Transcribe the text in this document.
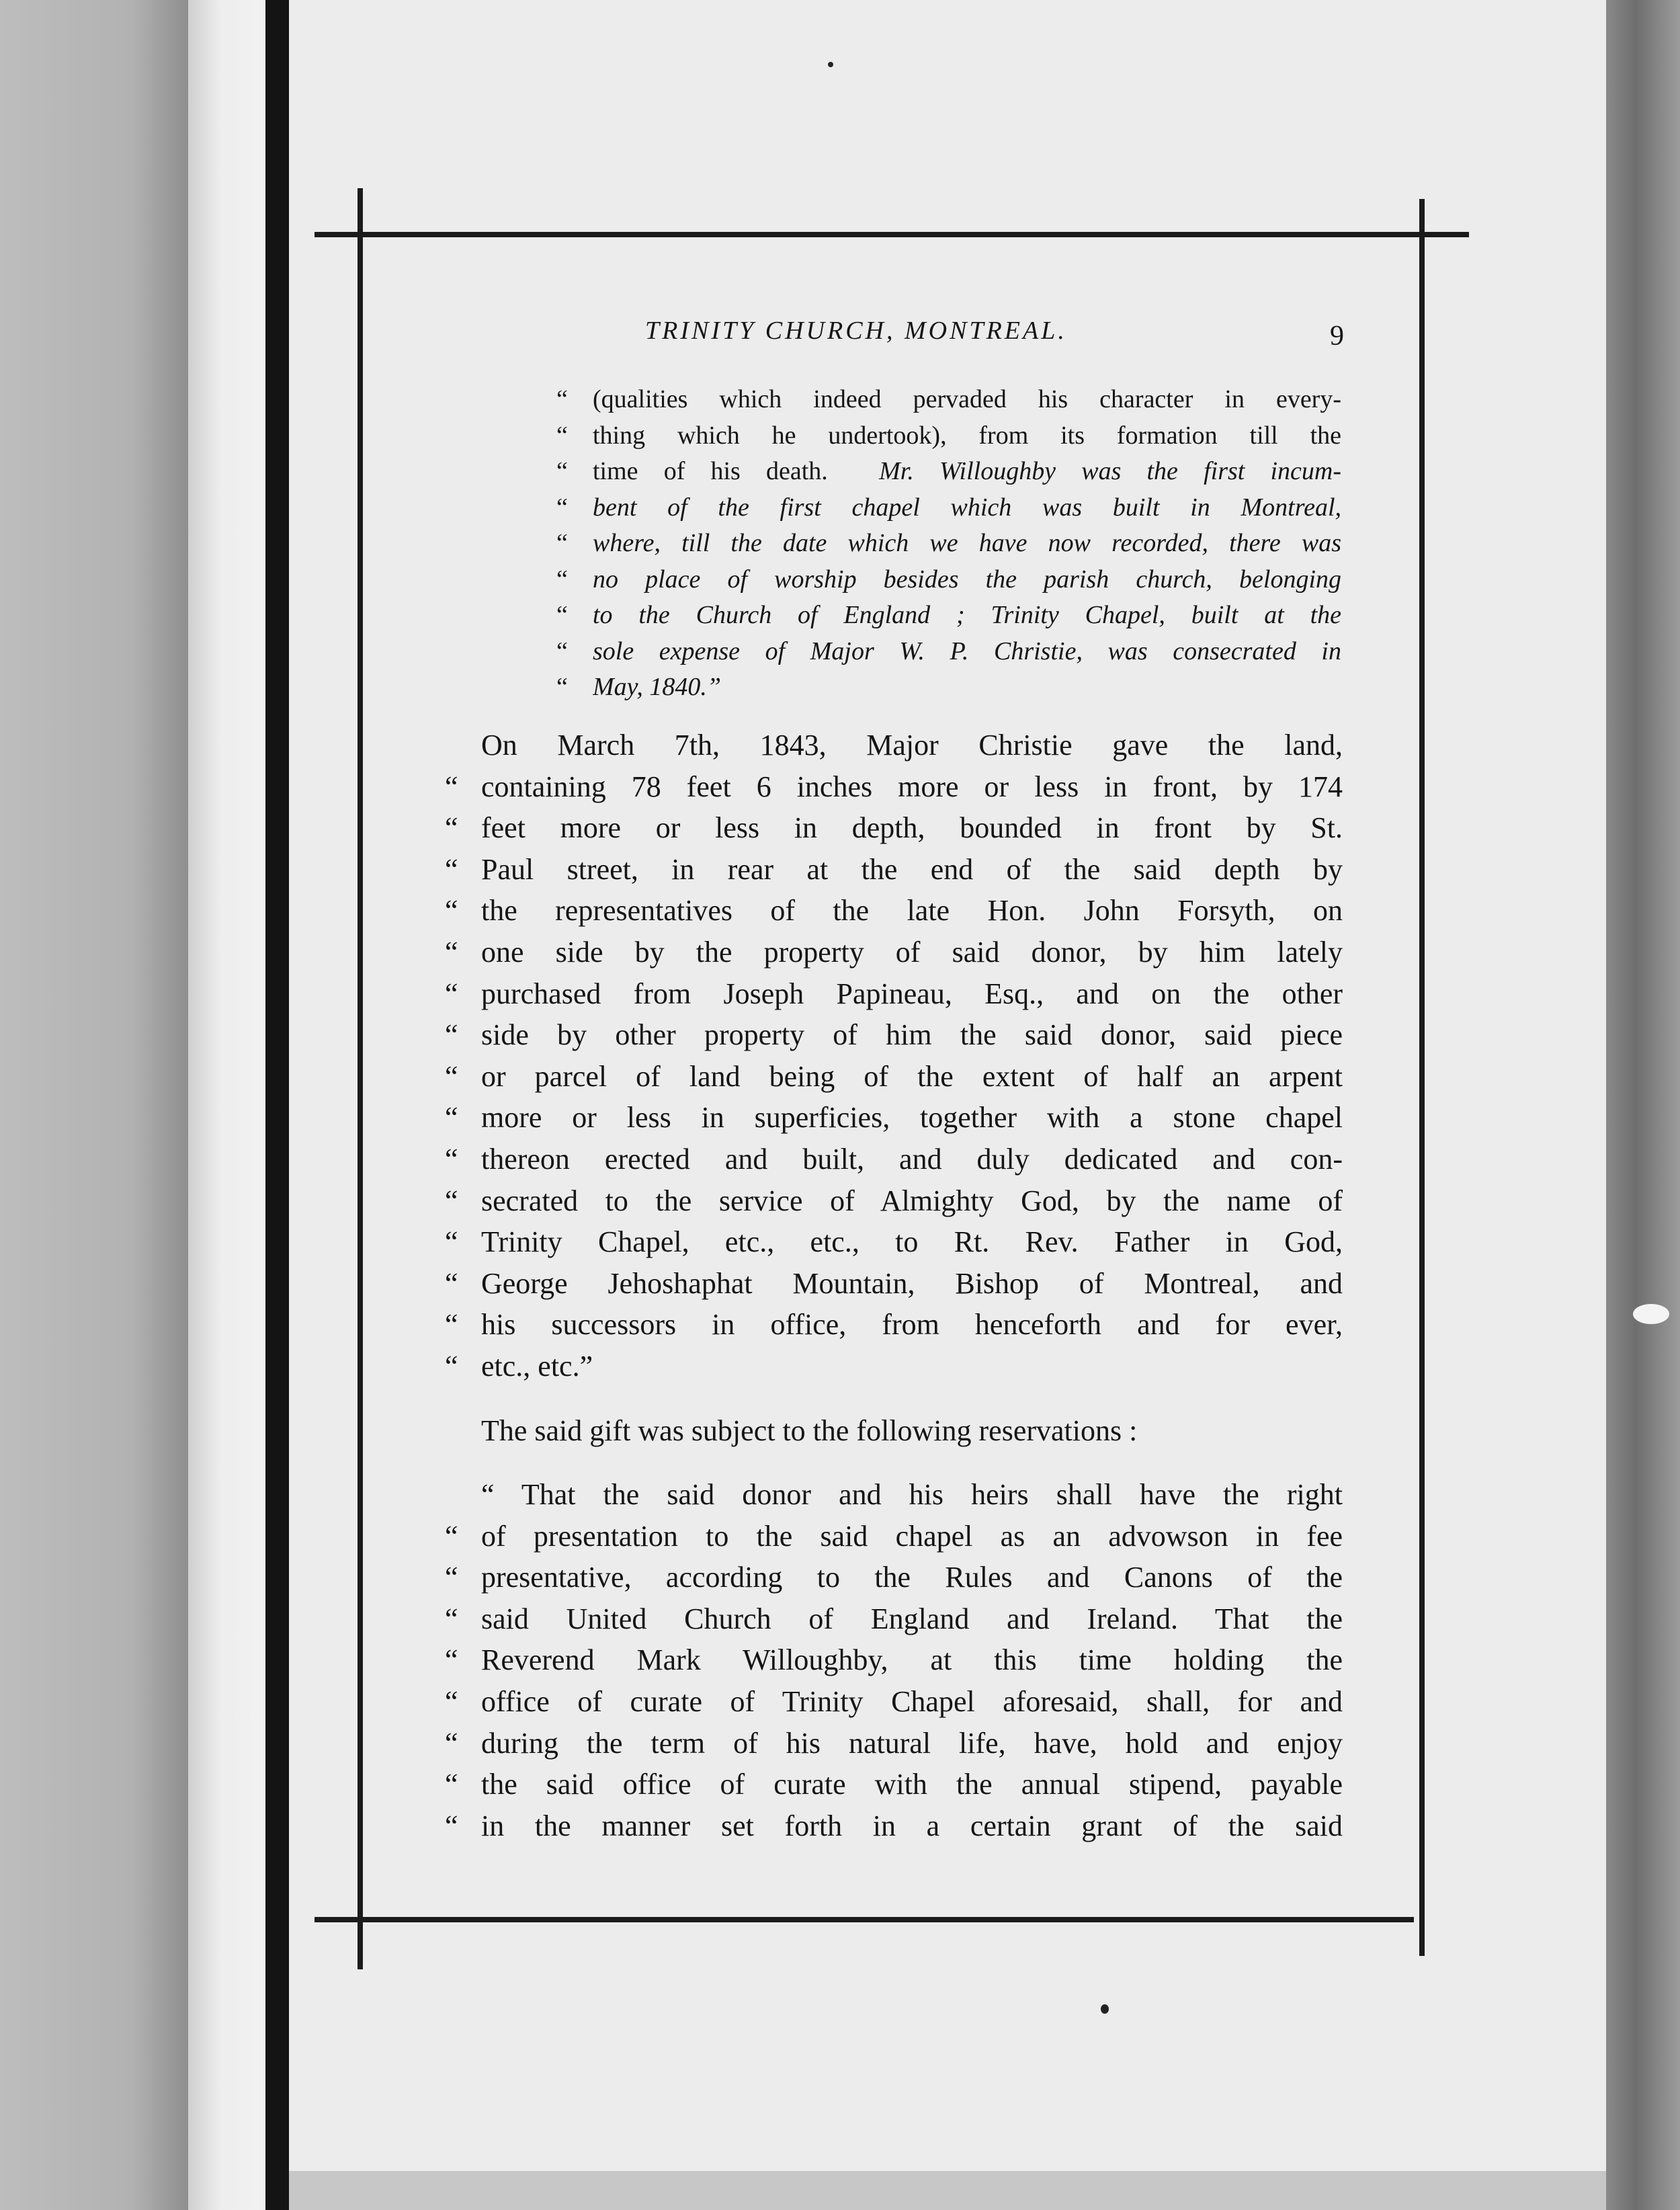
TRINITY CHURCH, MONTREAL.	9
“ (qualities which indeed pervaded his character in every-
“ thing which he undertook), from its formation till the
“ time of his death.  Mr. Willoughby was the first incum-
“ bent of the first chapel which was built in Montreal,
“ where, till the date which we have now recorded, there was
“ no place of worship besides the parish church, belonging
“ to the Church of England ; Trinity Chapel, built at the
“ sole expense of Major W. P. Christie, was consecrated in
“ May, 1840.”
On March 7th, 1843, Major Christie gave the land,
“ containing 78 feet 6 inches more or less in front, by 174
“ feet more or less in depth, bounded in front by St.
“ Paul street, in rear at the end of the said depth by
“ the representatives of the late Hon. John Forsyth, on
“ one side by the property of said donor, by him lately
“ purchased from Joseph Papineau, Esq., and on the other
“ side by other property of him the said donor, said piece
“ or parcel of land being of the extent of half an arpent
“ more or less in superficies, together with a stone chapel
“ thereon erected and built, and duly dedicated and con-
“ secrated to the service of Almighty God, by the name of
“ Trinity Chapel, etc., etc., to Rt. Rev. Father in God,
“ George Jehoshaphat Mountain, Bishop of Montreal, and
“ his successors in office, from henceforth and for ever,
“ etc., etc.”
The said gift was subject to the following reservations :
“ That the said donor and his heirs shall have the right
“ of presentation to the said chapel as an advowson in fee
“ presentative, according to the Rules and Canons of the
“ said United Church of England and Ireland. That the
“ Reverend Mark Willoughby, at this time holding the
“ office of curate of Trinity Chapel aforesaid, shall, for and
“ during the term of his natural life, have, hold and enjoy
“ the said office of curate with the annual stipend, payable
“ in the manner set forth in a certain grant of the said
